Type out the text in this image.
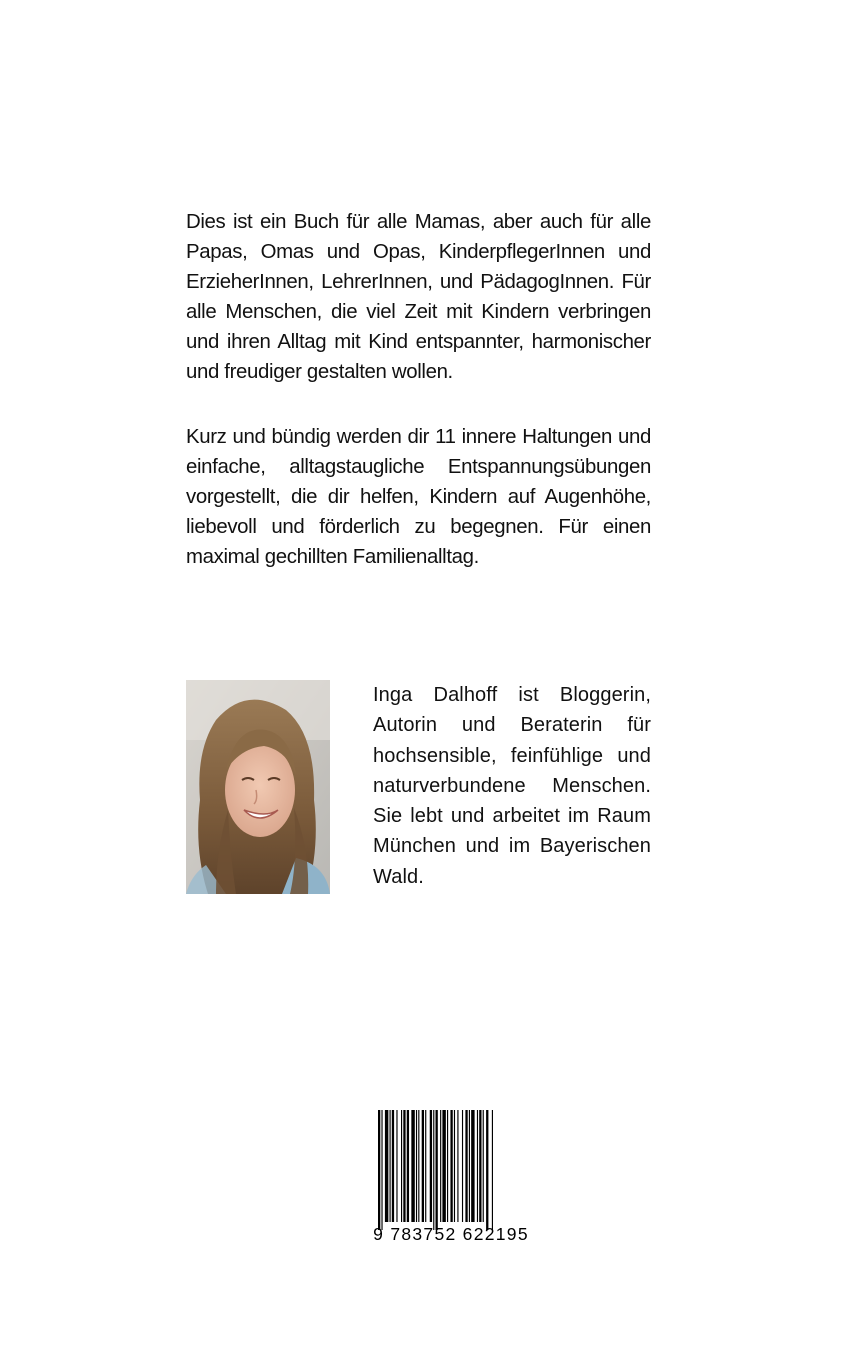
Dies ist ein Buch für alle Mamas, aber auch für alle Papas, Omas und Opas, KinderpflegerInnen und ErzieherInnen, LehrerInnen, und PädagogInnen. Für alle Menschen, die viel Zeit mit Kindern verbringen und ihren Alltag mit Kind entspannter, harmonischer und freudiger gestalten wollen.

Kurz und bündig werden dir 11 innere Haltungen und einfache, alltagstaugliche Entspannungsübungen vorgestellt, die dir helfen, Kindern auf Augenhöhe, liebevoll und förderlich zu begegnen. Für einen maximal gechillten Familienalltag.

Inga Dalhoff ist Bloggerin, Autorin und Beraterin für hochsensible, feinfühlige und naturverbundene Menschen. Sie lebt und arbeitet im Raum München und im Bayerischen Wald.

9 783752 622195
